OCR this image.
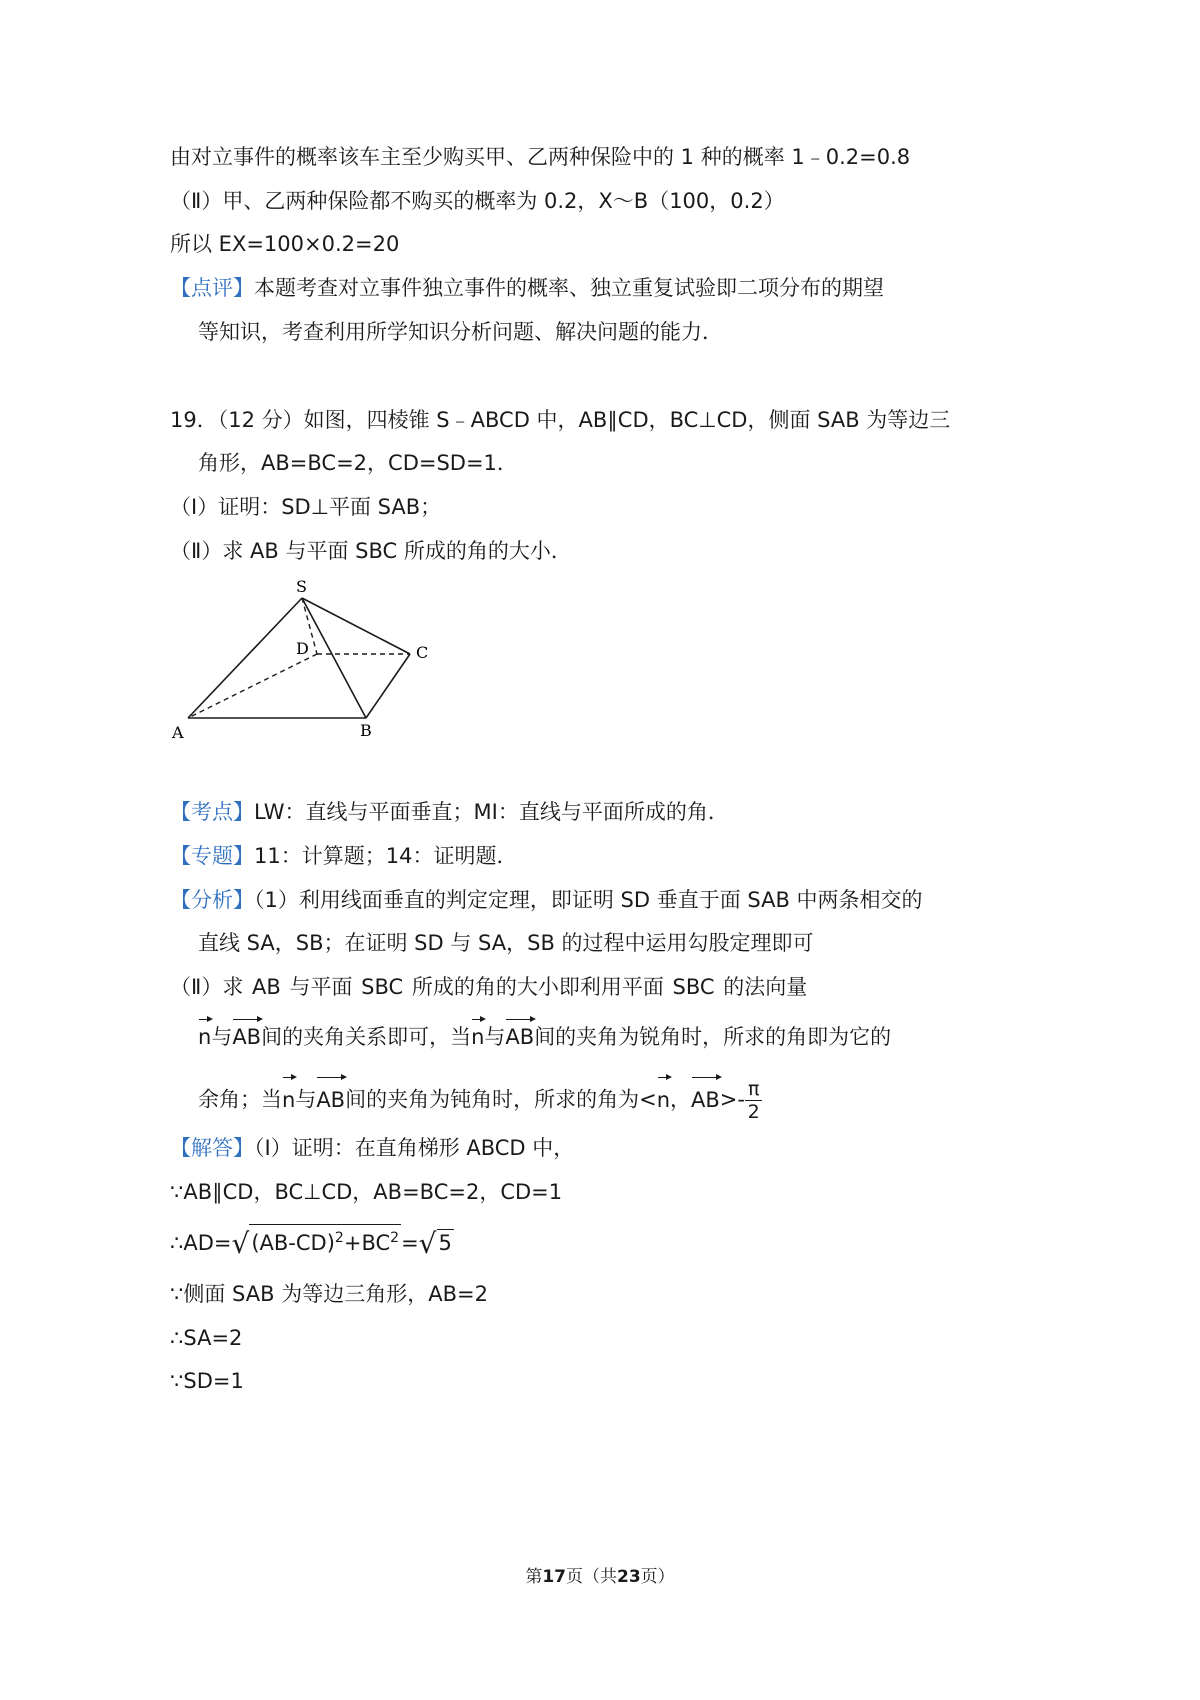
由对立事件的概率该车主至少购买甲、乙两种保险中的 1 种的概率 1﹣0.2=0.8
（Ⅱ）甲、乙两种保险都不购买的概率为 0.2，X～B（100，0.2）
所以 EX=100×0.2=20
【点评】本题考查对立事件独立事件的概率、独立重复试验即二项分布的期望
等知识，考查利用所学知识分析问题、解决问题的能力．
19．（12 分）如图，四棱锥 S﹣ABCD 中，AB∥CD，BC⊥CD，侧面 SAB 为等边三
角形，AB=BC=2，CD=SD=1．
（Ⅰ）证明：SD⊥平面 SAB；
（Ⅱ）求 AB 与平面 SBC 所成的角的大小．
S
D	C
A	B
【考点】LW：直线与平面垂直；MI：直线与平面所成的角．
【专题】11：计算题；14：证明题．
【分析】（1）利用线面垂直的判定定理，即证明 SD 垂直于面 SAB 中两条相交的
直线 SA，SB；在证明 SD 与 SA，SB 的过程中运用勾股定理即可
（Ⅱ）求 AB 与平面 SBC 所成的角的大小即利用平面 SBC 的法向量
n与AB间的夹角关系即可，当n与AB间的夹角为锐角时，所求的角即为它的
余角；当n与AB间的夹角为钝角时，所求的角为<n，$AB>- \frac{\pi}{2}$
【解答】（Ⅰ）证明：在直角梯形 ABCD 中，
∵AB∥CD，BC⊥CD，AB=BC=2，CD=1
$\therefore AD=√(AB-CD)^2+BC^2=√5$
∵侧面 SAB 为等边三角形，AB=2
∴SA=2
∵SD=1
第17页（共23页）
